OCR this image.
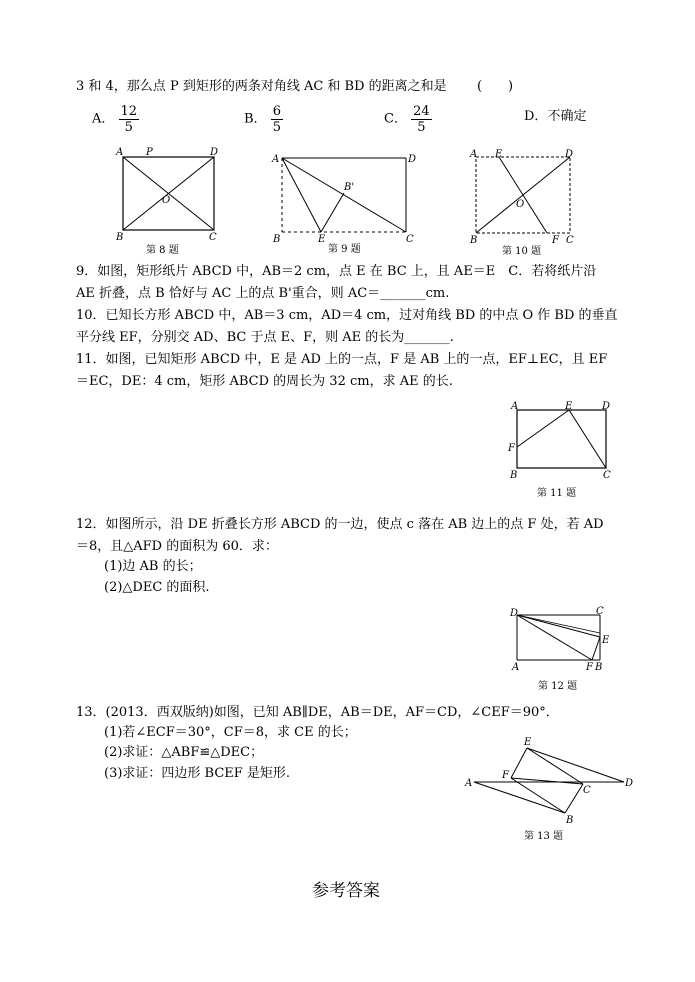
3 和 4，那么点 P 到矩形的两条对角线 AC 和 BD 的距离之和是 (　　)
A． $\frac{12}{5}$	B． $\frac{6}{5}$	C． $\frac{24}{5}$	D．不确定
A P	D
O
B	C
第 8 题
A	D
B'
B	E	C
第 9 题
A E	D
O
B	F C
第 10 题
9．如图，矩形纸片 ABCD 中，AB＝2 cm，点 E 在 BC 上，且 AE＝E　C．若将纸片沿
AE 折叠，点 B 恰好与 AC 上的点 B'重合，则 AC＝_______cm.
10．已知长方形 ABCD 中，AB＝3 cm，AD＝4 cm，过对角线 BD 的中点 O 作 BD 的垂直
平分线 EF，分别交 AD、BC 于点 E、F，则 AE 的长为_______.
11．如图，已知矩形 ABCD 中，E 是 AD 上的一点，F 是 AB 上的一点，EF⊥EC，且 EF
＝EC，DE：4 cm，矩形 ABCD 的周长为 32 cm，求 AE 的长.
A	E	D
F
B	C
第 11 题
12．如图所示，沿 DE 折叠长方形 ABCD 的一边，使点 c 落在 AB 边上的点 F 处，若 AD
＝8，且△AFD 的面积为 60．求：
(1)边 AB 的长；
(2)△DEC 的面积.
D	C
E
A	F B
第 12 题
13．(2013．西双版纳)如图，已知 AB∥DE，AB＝DE，AF＝CD，∠CEF＝90°．
(1)若∠ECF＝30°，CF＝8，求 CE 的长；
(2)求证：△ABF≌△DEC；
(3)求证：四边形 BCEF 是矩形.
E
F
A
C
D
B
第 13 题
参考答案
